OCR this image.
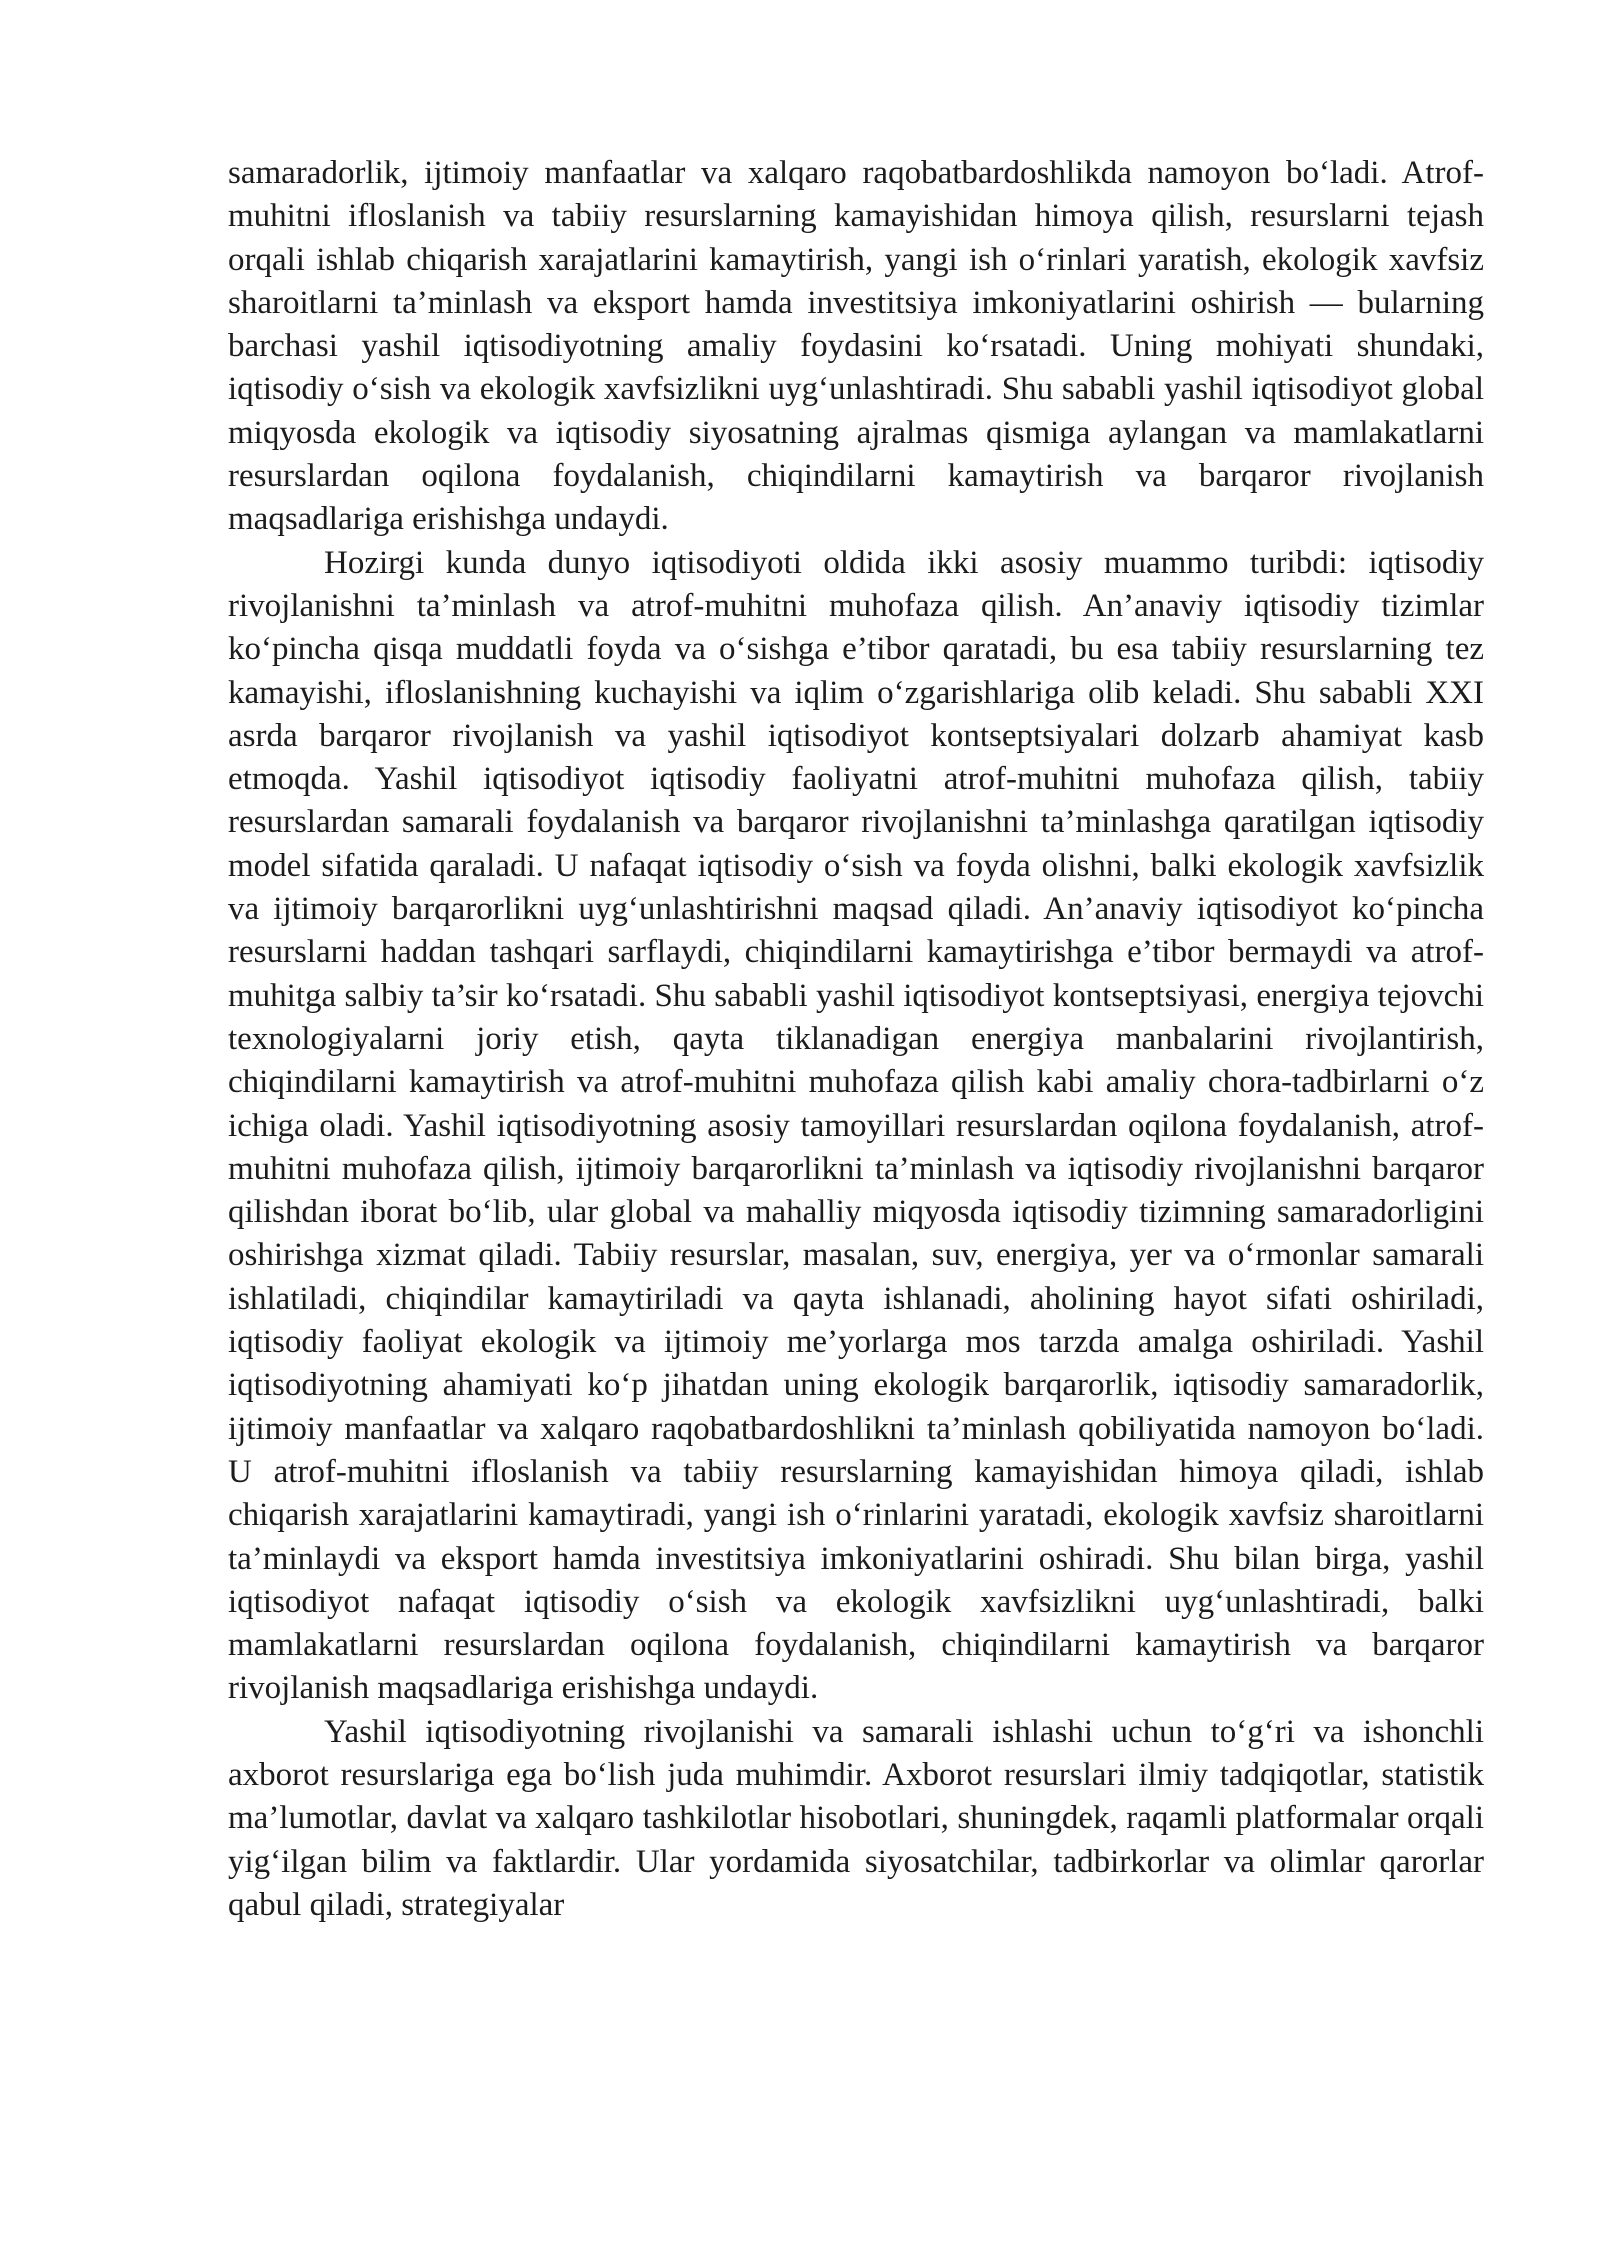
samaradorlik, ijtimoiy manfaatlar va xalqaro raqobatbardoshlikda namoyon bo‘ladi. Atrof-muhitni ifloslanish va tabiiy resurslarning kamayishidan himoya qilish, resurslarni tejash orqali ishlab chiqarish xarajatlarini kamaytirish, yangi ish o‘rinlari yaratish, ekologik xavfsiz sharoitlarni ta’minlash va eksport hamda investitsiya imkoniyatlarini oshirish — bularning barchasi yashil iqtisodiyotning amaliy foydasini ko‘rsatadi. Uning mohiyati shundaki, iqtisodiy o‘sish va ekologik xavfsizlikni uyg‘unlashtiradi. Shu sababli yashil iqtisodiyot global miqyosda ekologik va iqtisodiy siyosatning ajralmas qismiga aylangan va mamlakatlarni resurslardan oqilona foydalanish, chiqindilarni kamaytirish va barqaror rivojlanish maqsadlariga erishishga undaydi.

Hozirgi kunda dunyo iqtisodiyoti oldida ikki asosiy muammo turibdi: iqtisodiy rivojlanishni ta’minlash va atrof-muhitni muhofaza qilish. An’anaviy iqtisodiy tizimlar ko‘pincha qisqa muddatli foyda va o‘sishga e’tibor qaratadi, bu esa tabiiy resurslarning tez kamayishi, ifloslanishning kuchayishi va iqlim o‘zgarishlariga olib keladi. Shu sababli XXI asrda barqaror rivojlanish va yashil iqtisodiyot kontseptsiyalari dolzarb ahamiyat kasb etmoqda. Yashil iqtisodiyot iqtisodiy faoliyatni atrof-muhitni muhofaza qilish, tabiiy resurslardan samarali foydalanish va barqaror rivojlanishni ta’minlashga qaratilgan iqtisodiy model sifatida qaraladi. U nafaqat iqtisodiy o‘sish va foyda olishni, balki ekologik xavfsizlik va ijtimoiy barqarorlikni uyg‘unlashtirishni maqsad qiladi. An’anaviy iqtisodiyot ko‘pincha resurslarni haddan tashqari sarflaydi, chiqindilarni kamaytirishga e’tibor bermaydi va atrof-muhitga salbiy ta’sir ko‘rsatadi. Shu sababli yashil iqtisodiyot kontseptsiyasi, energiya tejovchi texnologiyalarni joriy etish, qayta tiklanadigan energiya manbalarini rivojlantirish, chiqindilarni kamaytirish va atrof-muhitni muhofaza qilish kabi amaliy chora-tadbirlarni o‘z ichiga oladi. Yashil iqtisodiyotning asosiy tamoyillari resurslardan oqilona foydalanish, atrof-muhitni muhofaza qilish, ijtimoiy barqarorlikni ta’minlash va iqtisodiy rivojlanishni barqaror qilishdan iborat bo‘lib, ular global va mahalliy miqyosda iqtisodiy tizimning samaradorligini oshirishga xizmat qiladi. Tabiiy resurslar, masalan, suv, energiya, yer va o‘rmonlar samarali ishlatiladi, chiqindilar kamaytiriladi va qayta ishlanadi, aholining hayot sifati oshiriladi, iqtisodiy faoliyat ekologik va ijtimoiy me’yorlarga mos tarzda amalga oshiriladi. Yashil iqtisodiyotning ahamiyati ko‘p jihatdan uning ekologik barqarorlik, iqtisodiy samaradorlik, ijtimoiy manfaatlar va xalqaro raqobatbardoshlikni ta’minlash qobiliyatida namoyon bo‘ladi. U atrof-muhitni ifloslanish va tabiiy resurslarning kamayishidan himoya qiladi, ishlab chiqarish xarajatlarini kamaytiradi, yangi ish o‘rinlarini yaratadi, ekologik xavfsiz sharoitlarni ta’minlaydi va eksport hamda investitsiya imkoniyatlarini oshiradi. Shu bilan birga, yashil iqtisodiyot nafaqat iqtisodiy o‘sish va ekologik xavfsizlikni uyg‘unlashtiradi, balki mamlakatlarni resurslardan oqilona foydalanish, chiqindilarni kamaytirish va barqaror rivojlanish maqsadlariga erishishga undaydi.

Yashil iqtisodiyotning rivojlanishi va samarali ishlashi uchun to‘g‘ri va ishonchli axborot resurslariga ega bo‘lish juda muhimdir. Axborot resurslari ilmiy tadqiqotlar, statistik ma’lumotlar, davlat va xalqaro tashkilotlar hisobotlari, shuningdek, raqamli platformalar orqali yig‘ilgan bilim va faktlardir. Ular yordamida siyosatchilar, tadbirkorlar va olimlar qarorlar qabul qiladi, strategiyalar
